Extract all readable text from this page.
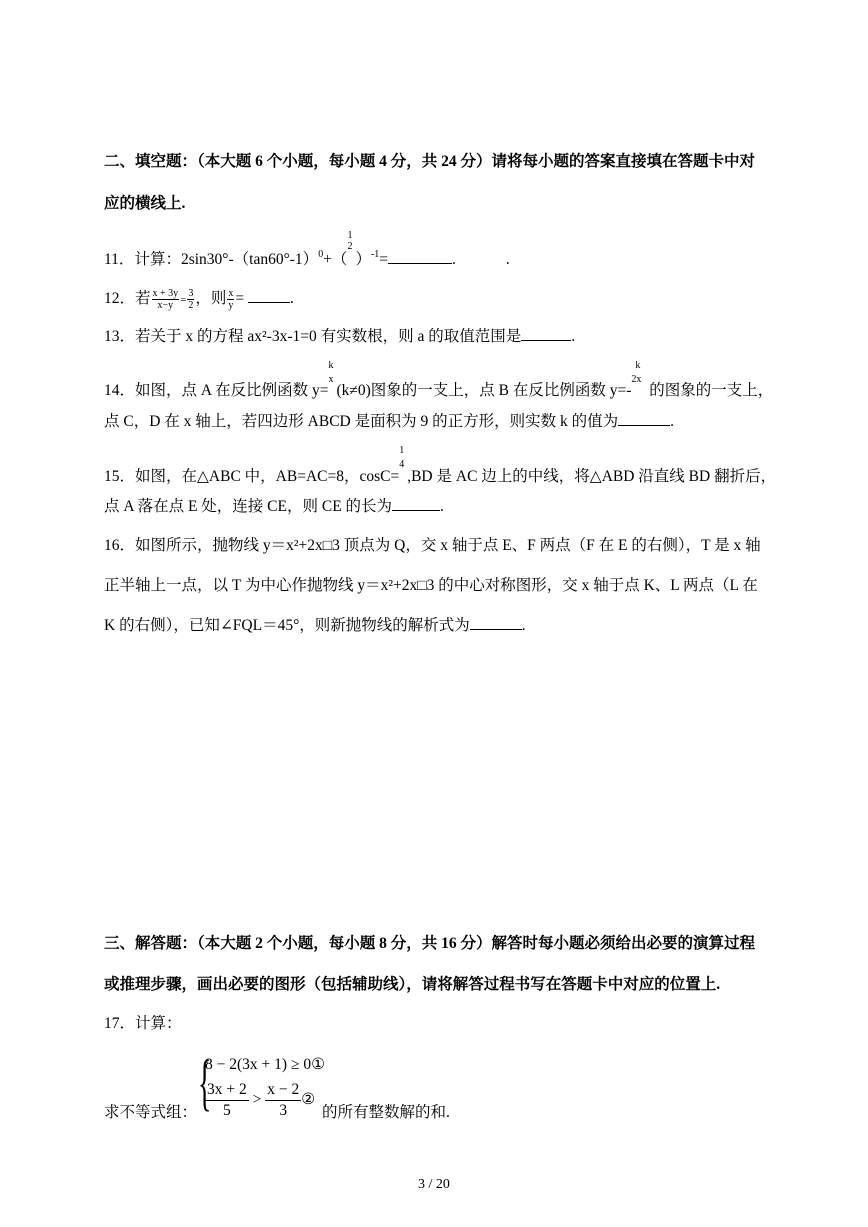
二、填空题：（本大题 6 个小题，每小题 4 分，共 24 分）请将每小题的答案直接填在答题卡中对
应的横线上.
11．计算：$2\sin 30^\circ-(\tan 60^\circ-1)^0+$（
1
2
）$^{-1}$=	.	.
12．若 $\frac{x + 3y}{x-y} = \frac{3}{2}$ ，则 $\frac{x}{y}$ =	.
13．若关于 x 的方程 ax²-3x-1=0 有实数根，则 a 的取值范围是	.
14．如图，点 A 在反比例函数 y=
k
x
(k≠0)图象的一支上，点 B 在反比例函数 y=-
k
2x
的图象的一支上，
点 C，D 在 x 轴上，若四边形 ABCD 是面积为 9 的正方形，则实数 k 的值为	.
15．如图，在△ABC 中，AB=AC=8，cosC=
1
4
,BD 是 AC 边上的中线，将△ABD 沿直线 BD 翻折后，
点 A 落在点 E 处，连接 CE，则 CE 的长为	.
16．如图所示，抛物线 y＝x²+2x□3 顶点为 Q，交 x 轴于点 E、F 两点（F 在 E 的右侧），T 是 x 轴
正半轴上一点，以 T 为中心作抛物线 y＝x²+2x□3 的中心对称图形，交 x 轴于点 K、L 两点（L 在
K 的右侧），已知∠FQL＝45°，则新抛物线的解析式为	.
三、解答题：（本大题 2 个小题，每小题 8 分，共 16 分）解答时每小题必须给出必要的演算过程
或推理步骤，画出必要的图形（包括辅助线），请将解答过程书写在答题卡中对应的位置上.
17．计算：
求不等式组： {
8 − 2(3x + 1) ≥ 0①
$\frac{3x + 2}{5} > \frac{x - 2}{3}$ ②
的所有整数解的和.
3 / 20
